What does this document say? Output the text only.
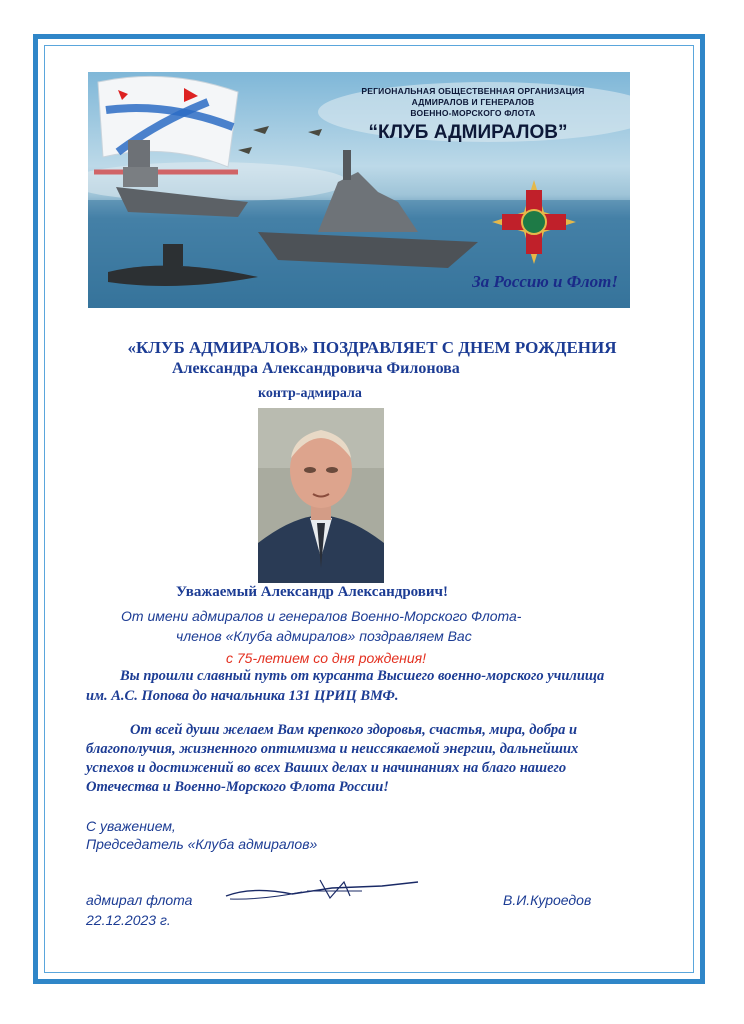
РЕГИОНАЛЬНАЯ ОБЩЕСТВЕННАЯ ОРГАНИЗАЦИЯ
АДМИРАЛОВ И ГЕНЕРАЛОВ
ВОЕННО-МОРСКОГО ФЛОТА
“КЛУБ АДМИРАЛОВ”
За Россию и Флот!
«КЛУБ АДМИРАЛОВ» ПОЗДРАВЛЯЕТ С ДНЕМ РОЖДЕНИЯ
Александра Александровича Филонова
контр-адмирала
Уважаемый Александр Александрович!
От имени адмиралов и генералов Военно-Морского Флота-
членов «Клуба адмиралов» поздравляем Вас
с 75-летием со дня рождения!
Вы прошли славный путь от курсанта Высшего военно-морского училища
им. А.С. Попова до начальника 131 ЦРИЦ ВМФ.
От всей души желаем Вам крепкого здоровья, счастья, мира, добра и
благополучия, жизненного оптимизма и неиссякаемой энергии, дальнейших
успехов и достижений во всех Ваших делах и начинаниях на благо нашего
Отечества и Военно-Морского Флота России!
С уважением,
Председатель «Клуба адмиралов»
адмирал флота
22.12.2023 г.
В.И.Куроедов
